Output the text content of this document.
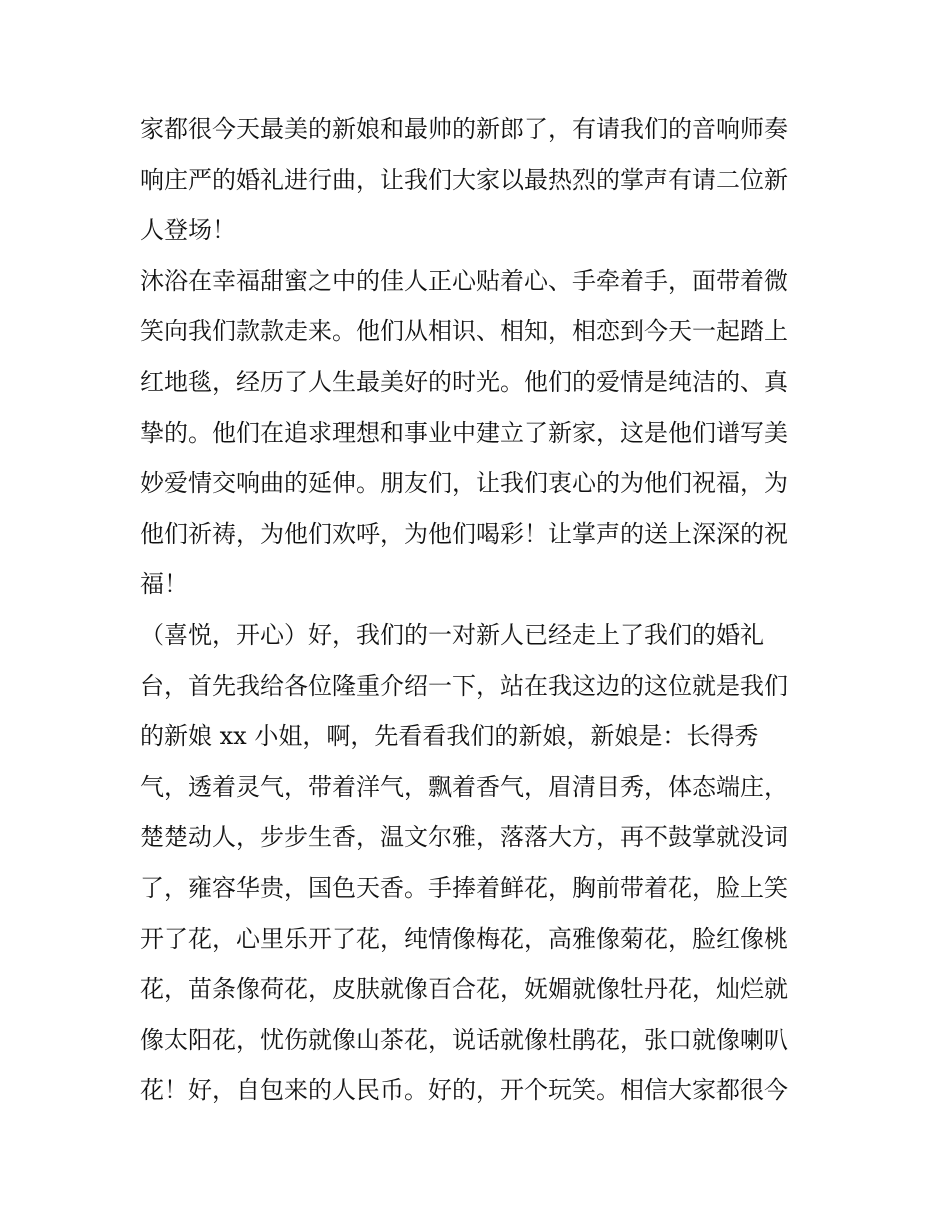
家都很今天最美的新娘和最帅的新郎了，有请我们的音响师奏
响庄严的婚礼进行曲，让我们大家以最热烈的掌声有请二位新
人登场！
沐浴在幸福甜蜜之中的佳人正心贴着心、手牵着手，面带着微
笑向我们款款走来。他们从相识、相知，相恋到今天一起踏上
红地毯，经历了人生最美好的时光。他们的爱情是纯洁的、真
挚的。他们在追求理想和事业中建立了新家，这是他们谱写美
妙爱情交响曲的延伸。朋友们，让我们衷心的为他们祝福，为
他们祈祷，为他们欢呼，为他们喝彩！让掌声的送上深深的祝
福！
（喜悦，开心）好，我们的一对新人已经走上了我们的婚礼
台，首先我给各位隆重介绍一下，站在我这边的这位就是我们
的新娘 xx 小姐，啊，先看看我们的新娘，新娘是：长得秀
气，透着灵气，带着洋气，飘着香气，眉清目秀，体态端庄，
楚楚动人，步步生香，温文尔雅，落落大方，再不鼓掌就没词
了，雍容华贵，国色天香。手捧着鲜花，胸前带着花，脸上笑
开了花，心里乐开了花，纯情像梅花，高雅像菊花，脸红像桃
花，苗条像荷花，皮肤就像百合花，妩媚就像牡丹花，灿烂就
像太阳花，忧伤就像山茶花，说话就像杜鹃花，张口就像喇叭
花！好，自包来的人民币。好的，开个玩笑。相信大家都很今
